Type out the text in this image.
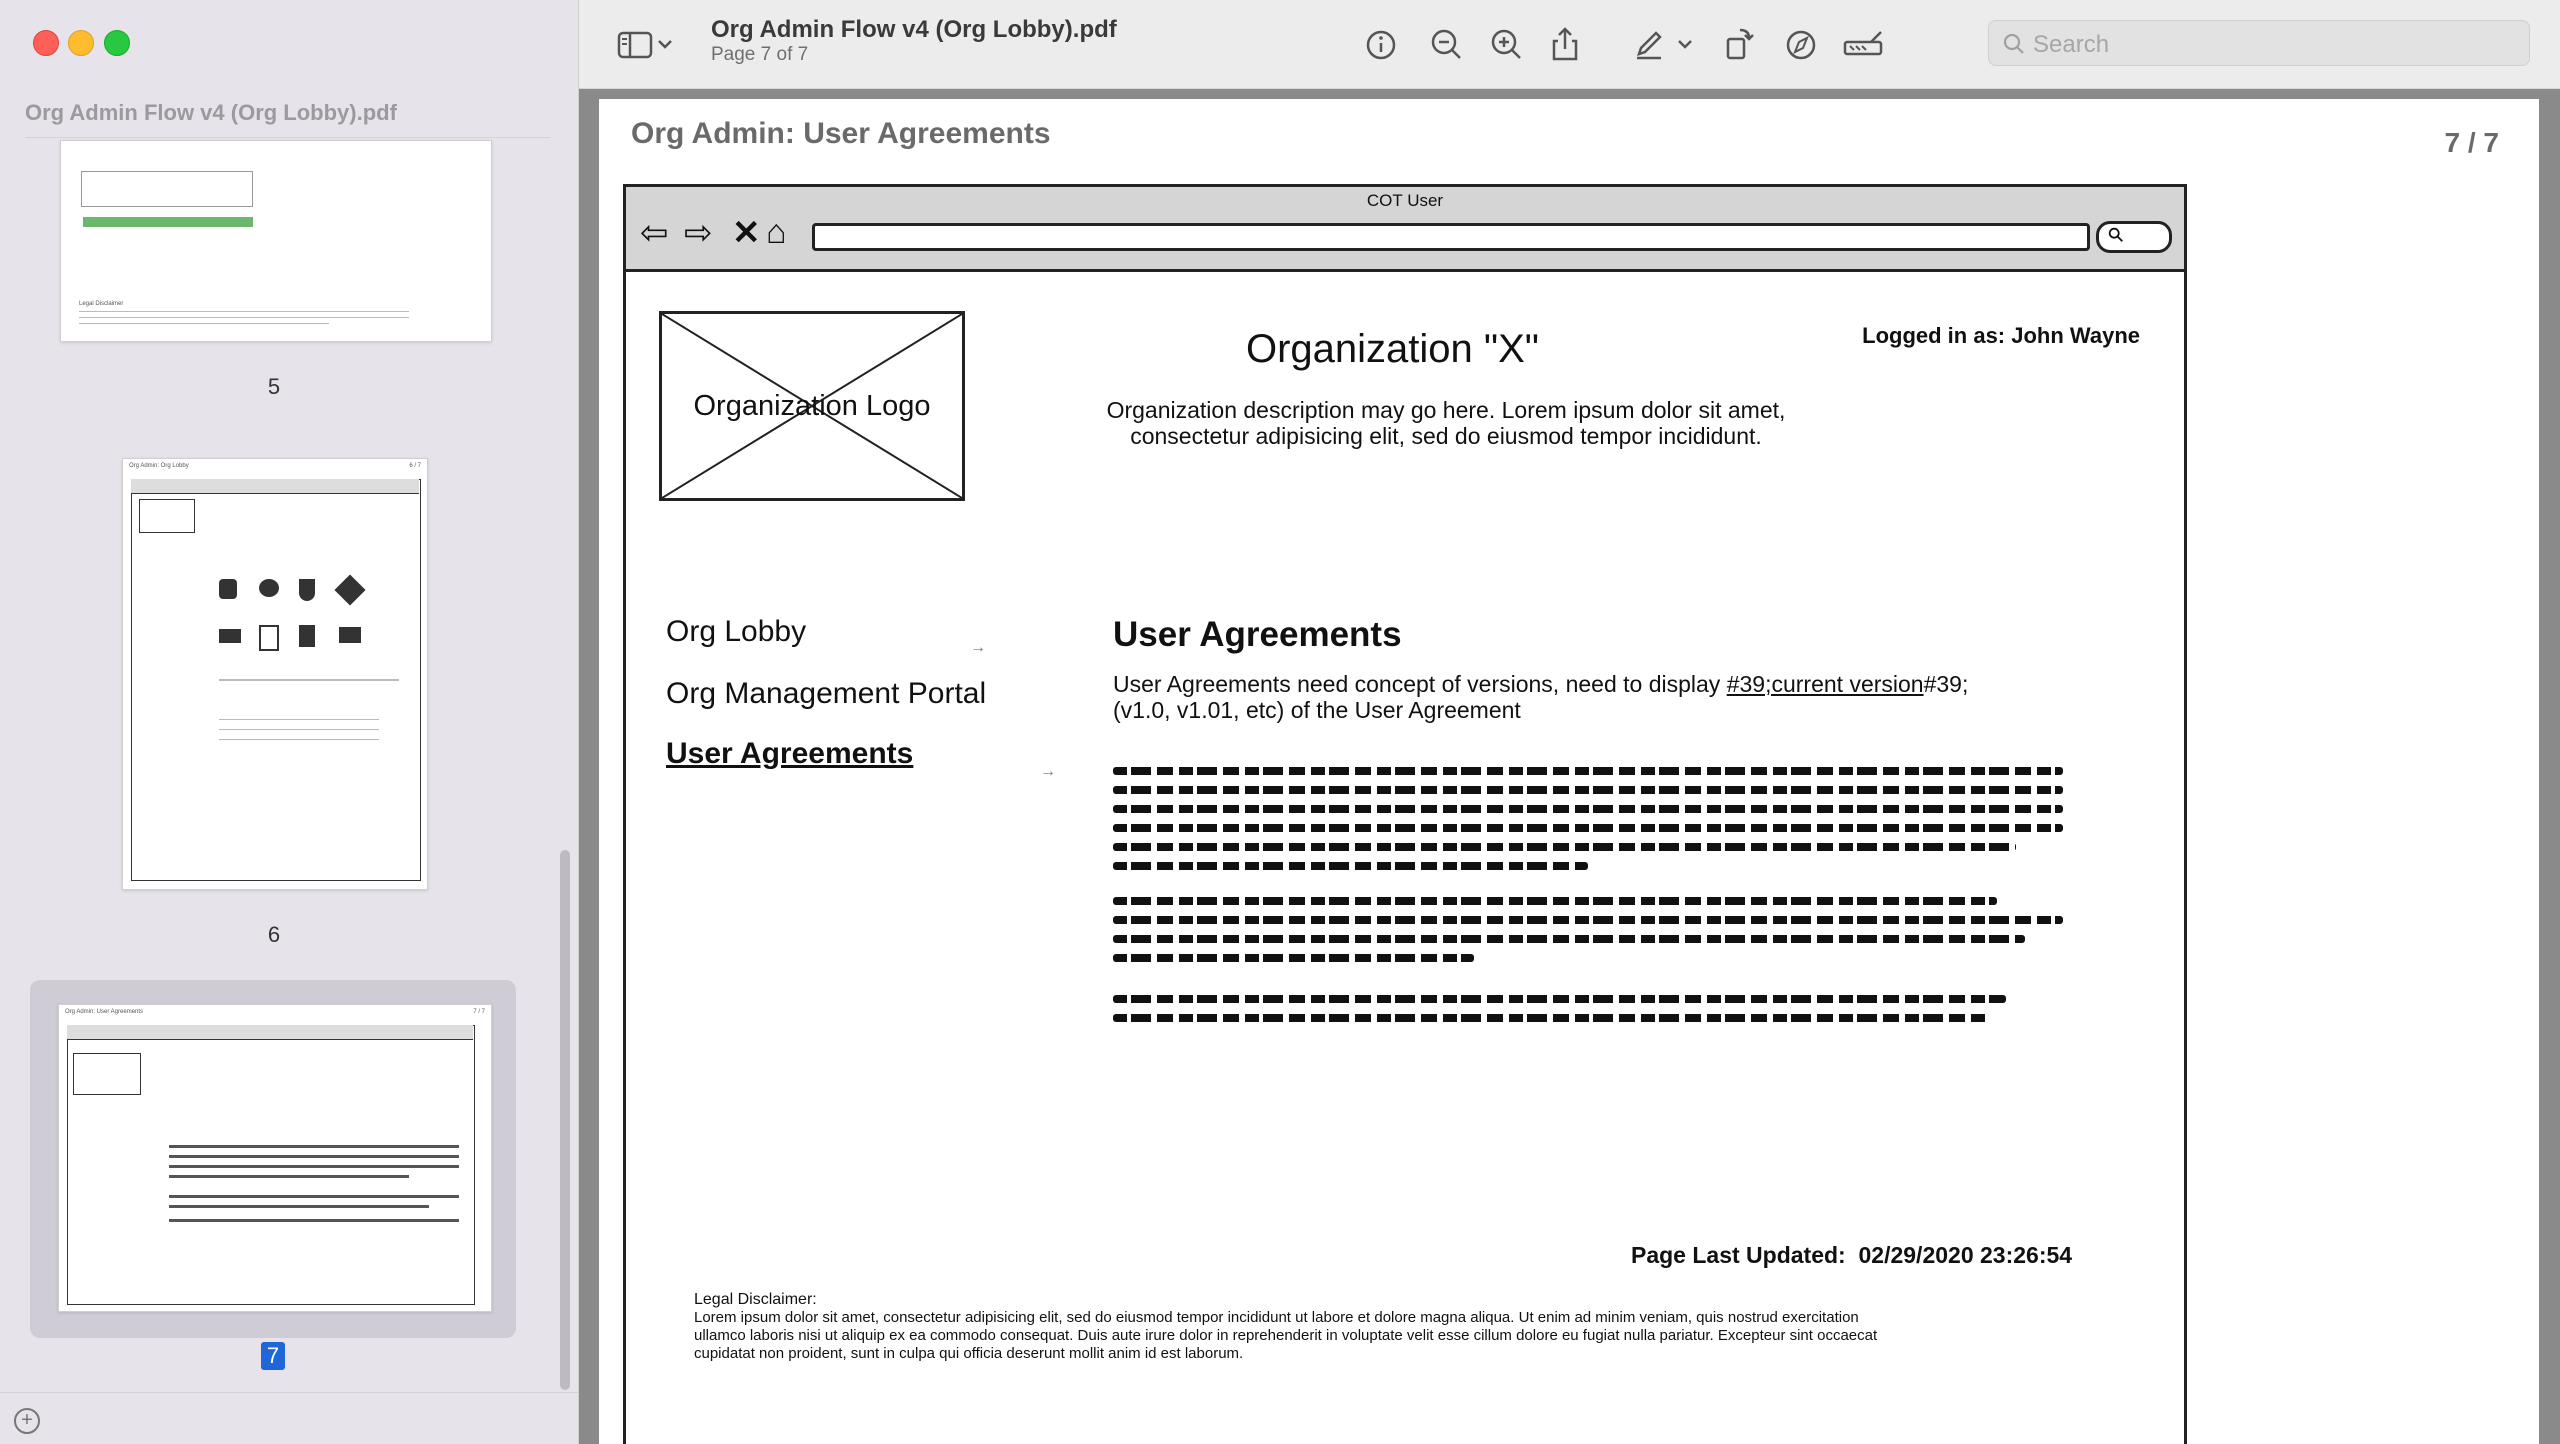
Org Admin Flow v4 (Org Lobby).pdf
Legal Disclaimer
5
Org Admin: Org Lobby	6 / 7
6
Org Admin: User Agreements	7 / 7
7
+
Org Admin Flow v4 (Org Lobby).pdf
Page 7 of 7	Search
Org Admin: User Agreements	7 / 7
COT User
⇦ ⇨ ✕ ⌂
Organization Logo
Organization "X"
Organization description may go here. Lorem ipsum dolor sit amet, consectetur adipisicing elit, sed do eiusmod tempor incididunt.
Logged in as: John Wayne
Org Lobby	→
Org Management Portal
User Agreements
→
User Agreements
User Agreements need concept of versions, need to display #39;current version#39;
(v1.0, v1.01, etc) of the User Agreement
Page Last Updated: 02/29/2020 23:26:54
Legal Disclaimer:
Lorem ipsum dolor sit amet, consectetur adipisicing elit, sed do eiusmod tempor incididunt ut labore et dolore magna aliqua. Ut enim ad minim veniam, quis nostrud exercitation ullamco laboris nisi ut aliquip ex ea commodo consequat. Duis aute irure dolor in reprehenderit in voluptate velit esse cillum dolore eu fugiat nulla pariatur. Excepteur sint occaecat cupidatat non proident, sunt in culpa qui officia deserunt mollit anim id est laborum.
